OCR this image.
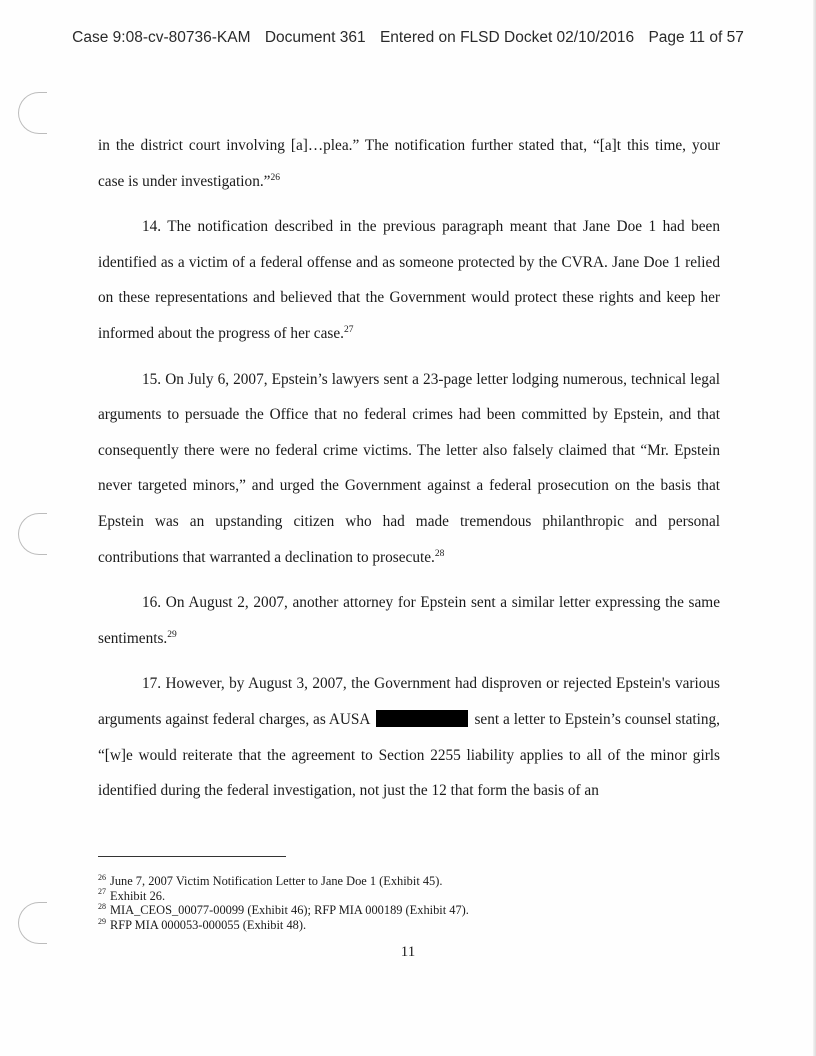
Case 9:08-cv-80736-KAM Document 361 Entered on FLSD Docket 02/10/2016 Page 11 of 57

in the district court involving [a]…plea.” The notification further stated that, “[a]t this time, your case is under investigation.”$^{26}$

14. The notification described in the previous paragraph meant that Jane Doe 1 had been identified as a victim of a federal offense and as someone protected by the CVRA. Jane Doe 1 relied on these representations and believed that the Government would protect these rights and keep her informed about the progress of her case.$^{27}$

15. On July 6, 2007, Epstein’s lawyers sent a 23-page letter lodging numerous, technical legal arguments to persuade the Office that no federal crimes had been committed by Epstein, and that consequently there were no federal crime victims. The letter also falsely claimed that “Mr. Epstein never targeted minors,” and urged the Government against a federal prosecution on the basis that Epstein was an upstanding citizen who had made tremendous philanthropic and personal contributions that warranted a declination to prosecute.$^{28}$

16. On August 2, 2007, another attorney for Epstein sent a similar letter expressing the same sentiments.$^{29}$

17. However, by August 3, 2007, the Government had disproven or rejected Epstein's various arguments against federal charges, as AUSA	sent a letter to Epstein’s counsel stating, “[w]e would reiterate that the agreement to Section 2255 liability applies to all of the minor girls identified during the federal investigation, not just the 12 that form the basis of an

$^{26}$ June 7, 2007 Victim Notification Letter to Jane Doe 1 (Exhibit 45).

$^{27}$ Exhibit 26.

$^{28}$ MIA_CEOS_00077-00099 (Exhibit 46); RFP MIA 000189 (Exhibit 47).

$^{29}$ RFP MIA 000053-000055 (Exhibit 48).

11
